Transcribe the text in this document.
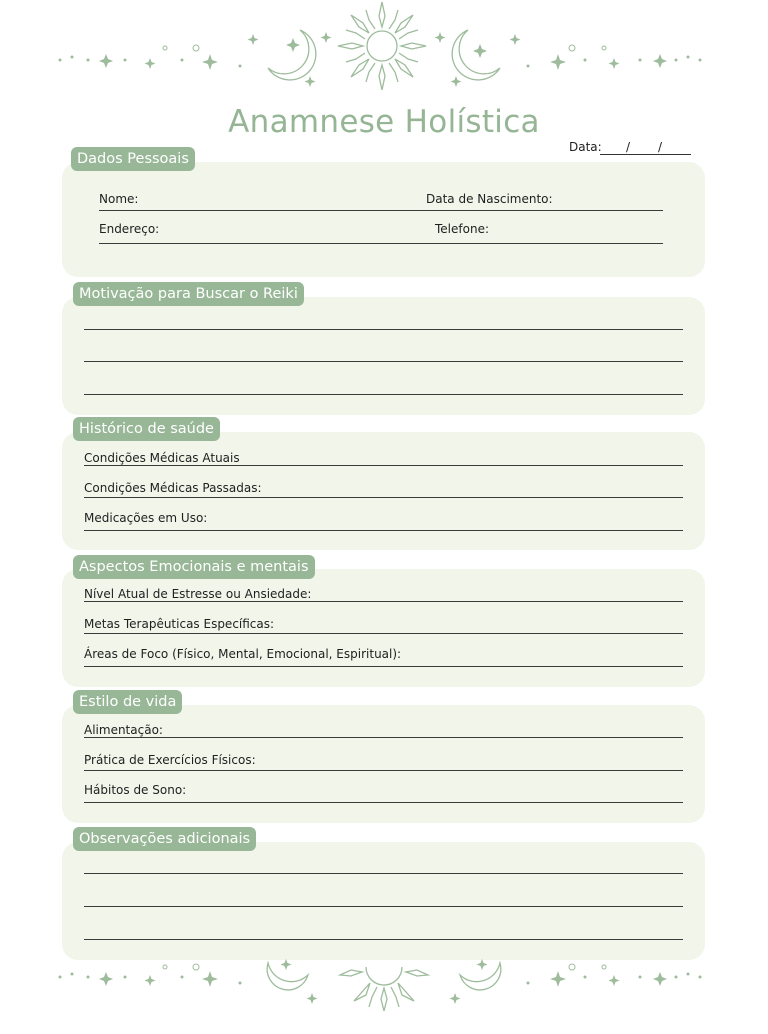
Anamnese Holística
Data: / /
Dados Pessoais
Nome:	Data de Nascimento:
Endereço:	Telefone:
Motivação para Buscar o Reiki
Histórico de saúde
Condições Médicas Atuais
Condições Médicas Passadas:
Medicações em Uso:
Aspectos Emocionais e mentais
Nível Atual de Estresse ou Ansiedade:
Metas Terapêuticas Específicas:
Áreas de Foco (Físico, Mental, Emocional, Espiritual):
Estilo de vida
Alimentação:
Prática de Exercícios Físicos:
Hábitos de Sono:
Observações adicionais
